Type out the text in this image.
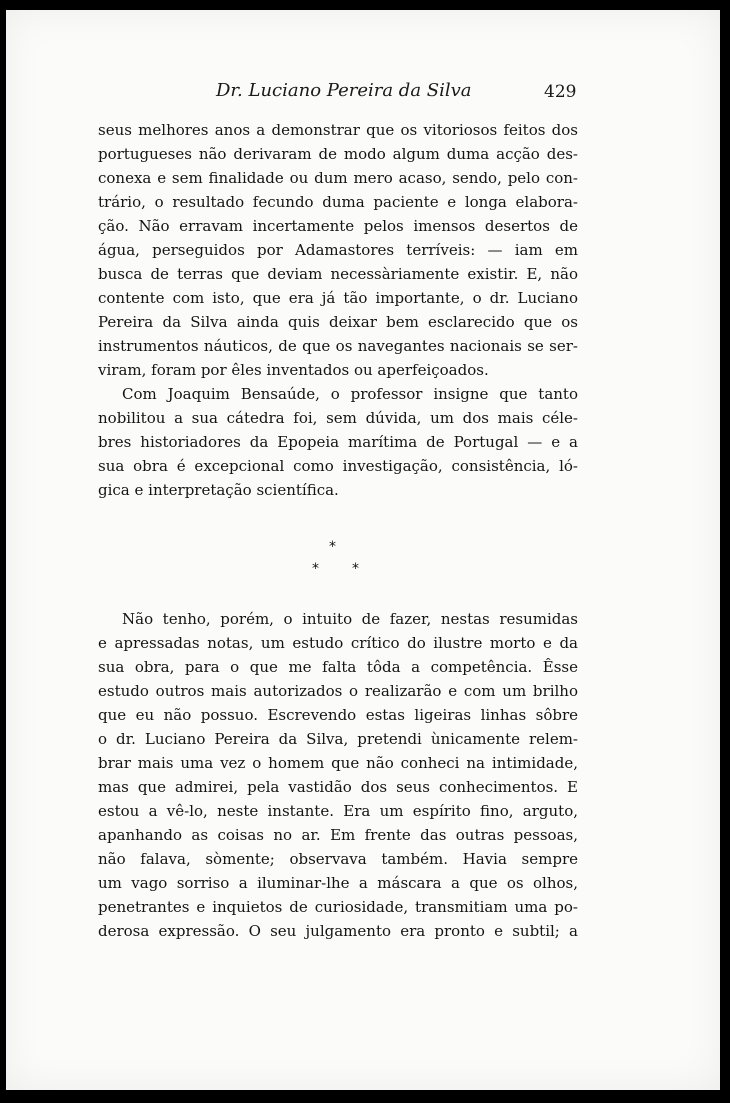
Dr. Luciano Pereira da Silva	429
seus melhores anos a demonstrar que os vitoriosos feitos dos
portugueses não derivaram de modo algum duma acção des-
conexa e sem finalidade ou dum mero acaso, sendo, pelo con-
trário, o resultado fecundo duma paciente e longa elabora-
ção. Não erravam incertamente pelos imensos desertos de
água, perseguidos por Adamastores terríveis: — iam em
busca de terras que deviam necessàriamente existir. E, não
contente com isto, que era já tão importante, o dr. Luciano
Pereira da Silva ainda quis deixar bem esclarecido que os
instrumentos náuticos, de que os navegantes nacionais se ser-
viram, foram por êles inventados ou aperfeiçoados.
Com Joaquim Bensaúde, o professor insigne que tanto
nobilitou a sua cátedra foi, sem dúvida, um dos mais céle-
bres historiadores da Epopeia marítima de Portugal — e a
sua obra é excepcional como investigação, consistência, ló-
gica e interpretação scientífica.
*
* *
Não tenho, porém, o intuito de fazer, nestas resumidas
e apressadas notas, um estudo crítico do ilustre morto e da
sua obra, para o que me falta tôda a competência. Êsse
estudo outros mais autorizados o realizarão e com um brilho
que eu não possuo. Escrevendo estas ligeiras linhas sôbre
o dr. Luciano Pereira da Silva, pretendi ùnicamente relem-
brar mais uma vez o homem que não conheci na intimidade,
mas que admirei, pela vastidão dos seus conhecimentos. E
estou a vê-lo, neste instante. Era um espírito fino, arguto,
apanhando as coisas no ar. Em frente das outras pessoas,
não falava, sòmente; observava também. Havia sempre
um vago sorriso a iluminar-lhe a máscara a que os olhos,
penetrantes e inquietos de curiosidade, transmitiam uma po-
derosa expressão. O seu julgamento era pronto e subtil; a
